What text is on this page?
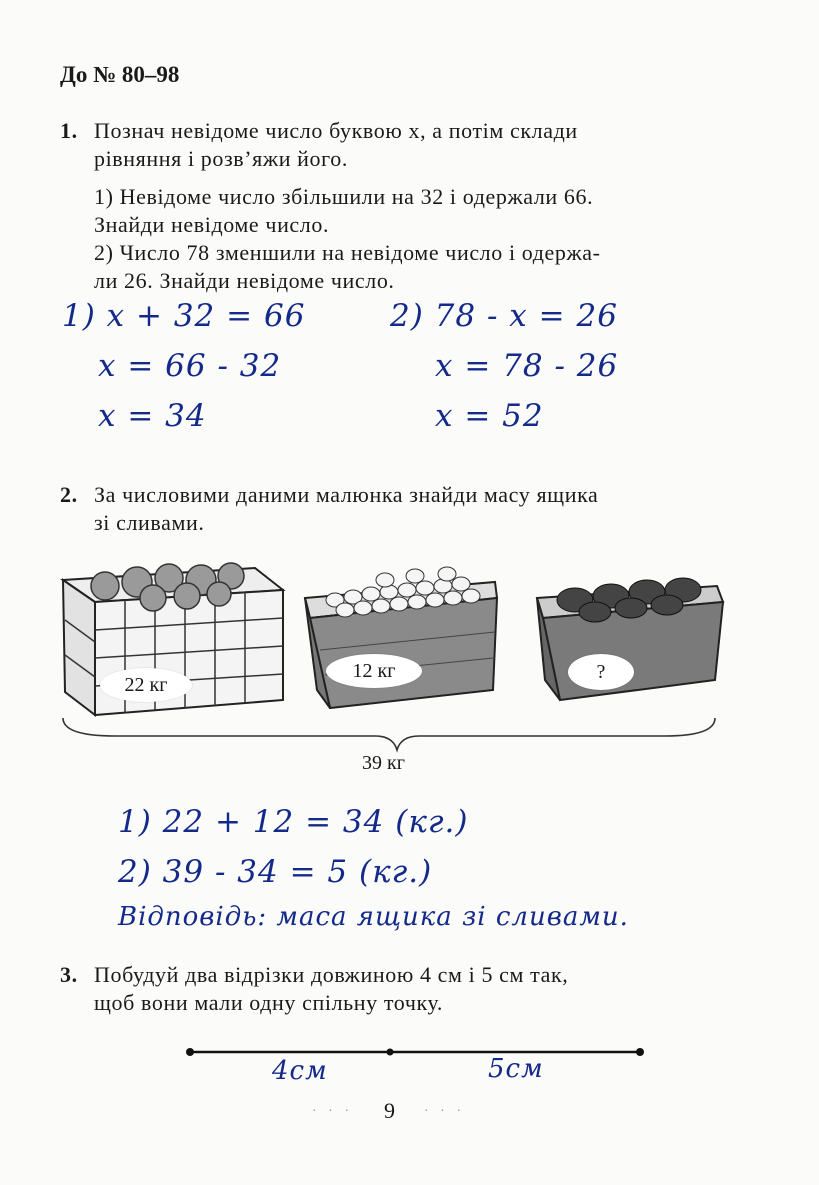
До № 80–98
1. Познач невідоме число буквою x, а потім склади
рівняння і розв’яжи його.
1) Невідоме число збільшили на 32 і одержали 66.
Знайди невідоме число.
2) Число 78 зменшили на невідоме число і одержа-
ли 26. Знайди невідоме число.
1) x + 32 = 66
x = 66 - 32
x = 34
2) 78 - x = 26
x = 78 - 26
x = 52
2. За числовими даними малюнка знайди масу ящика
зі сливами.
22 кг
12 кг	?
39 кг
1) 22 + 12 = 34 (кг.)
2) 39 - 34 = 5 (кг.)
Відповідь: маса ящика зі сливами.
3. Побудуй два відрізки довжиною 4 см і 5 см так,
щоб вони мали одну спільну точку.
4см	5см
· · · 9 · · ·
